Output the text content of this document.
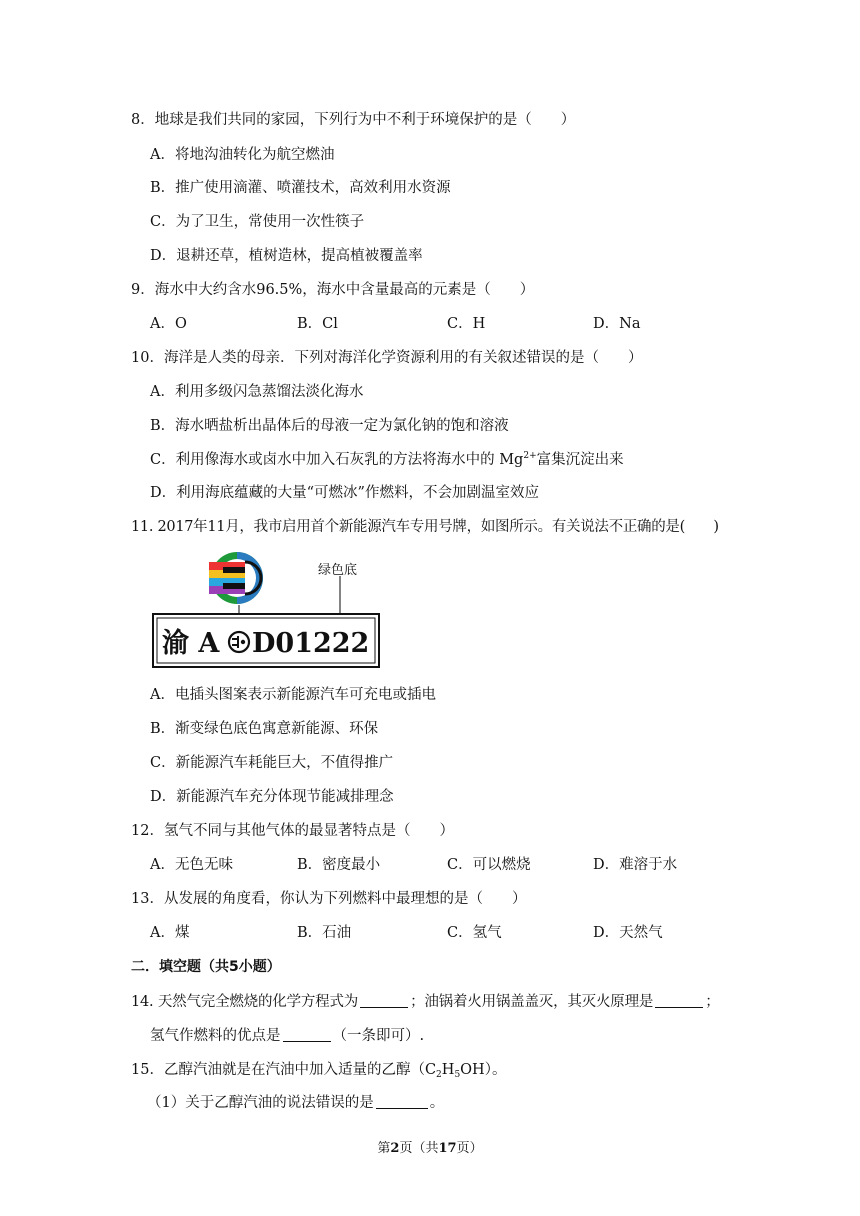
8．地球是我们共同的家园，下列行为中不利于环境保护的是（　　）
A．将地沟油转化为航空燃油
B．推广使用滴灌、喷灌技术，高效利用水资源
C．为了卫生，常使用一次性筷子
D．退耕还草，植树造林，提高植被覆盖率
9．海水中大约含水96.5%，海水中含量最高的元素是（　　）
A．O	B．Cl	C．H	D．Na
10．海洋是人类的母亲．下列对海洋化学资源利用的有关叙述错误的是（　　）
A．利用多级闪急蒸馏法淡化海水
B．海水晒盐析出晶体后的母液一定为氯化钠的饱和溶液
C．利用像海水或卤水中加入石灰乳的方法将海水中的 $Mg^{2+}$富集沉淀出来
D．利用海底蕴藏的大量“可燃冰”作燃料，不会加剧温室效应
11. 2017年11月，我市启用首个新能源汽车专用号牌，如图所示。有关说法不正确的是(　　)
绿色底
渝 A D01222
A．电插头图案表示新能源汽车可充电或插电
B．渐变绿色底色寓意新能源、环保
C．新能源汽车耗能巨大，不值得推广
D．新能源汽车充分体现节能减排理念
12．氢气不同与其他气体的最显著特点是（　　）
A．无色无味	B．密度最小	C．可以燃烧	D．难溶于水
13．从发展的角度看，你认为下列燃料中最理想的是（　　）
A．煤	B．石油	C．氢气	D．天然气
二．填空题（共5小题）
14. 天然气完全燃烧的化学方程式为	；油锅着火用锅盖盖灭，其灭火原理是	；
氢气作燃料的优点是	（一条即可）.
15．乙醇汽油就是在汽油中加入适量的乙醇$(C_2H_5OH)$。
（1）关于乙醇汽油的说法错误的是	。
第2页（共17页）
